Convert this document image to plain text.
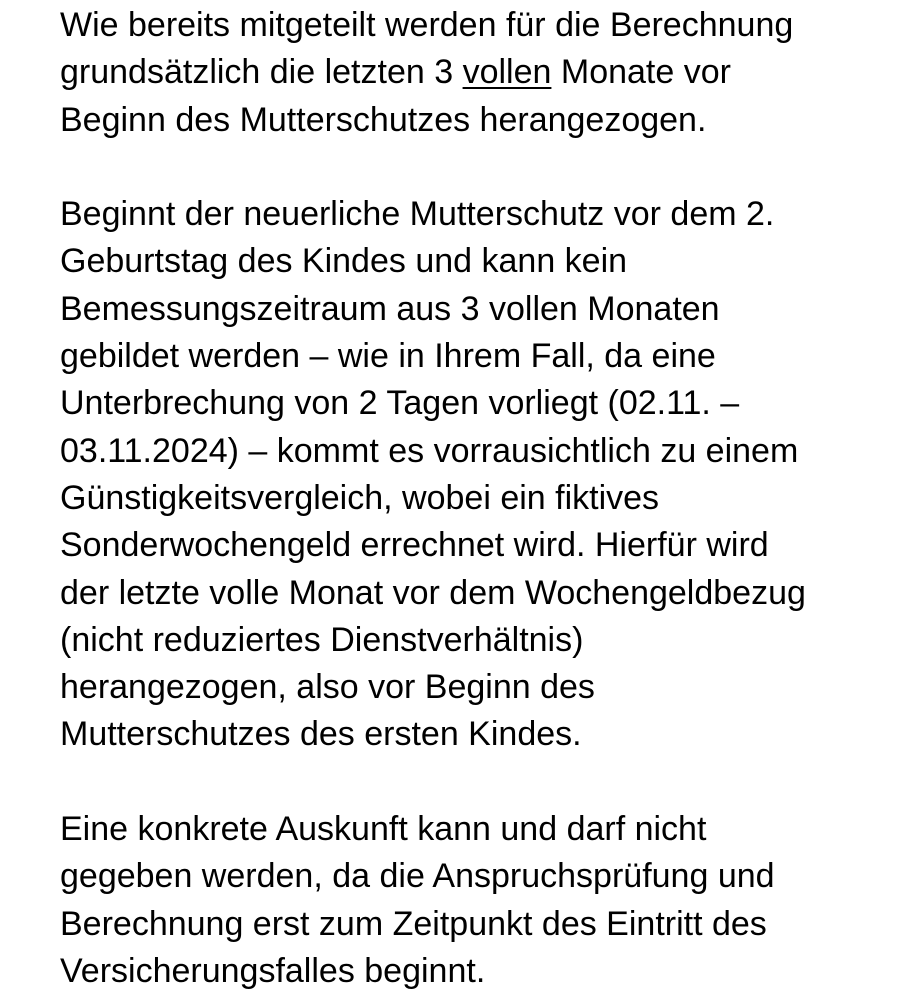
Wie bereits mitgeteilt werden für die Berechnung
grundsätzlich die letzten 3 vollen Monate vor
Beginn des Mutterschutzes herangezogen.

Beginnt der neuerliche Mutterschutz vor dem 2.
Geburtstag des Kindes und kann kein
Bemessungszeitraum aus 3 vollen Monaten
gebildet werden – wie in Ihrem Fall, da eine
Unterbrechung von 2 Tagen vorliegt (02.11. –
03.11.2024) – kommt es vorrausichtlich zu einem
Günstigkeitsvergleich, wobei ein fiktives
Sonderwochengeld errechnet wird. Hierfür wird
der letzte volle Monat vor dem Wochengeldbezug
(nicht reduziertes Dienstverhältnis)
herangezogen, also vor Beginn des
Mutterschutzes des ersten Kindes.

Eine konkrete Auskunft kann und darf nicht
gegeben werden, da die Anspruchsprüfung und
Berechnung erst zum Zeitpunkt des Eintritt des
Versicherungsfalles beginnt.
